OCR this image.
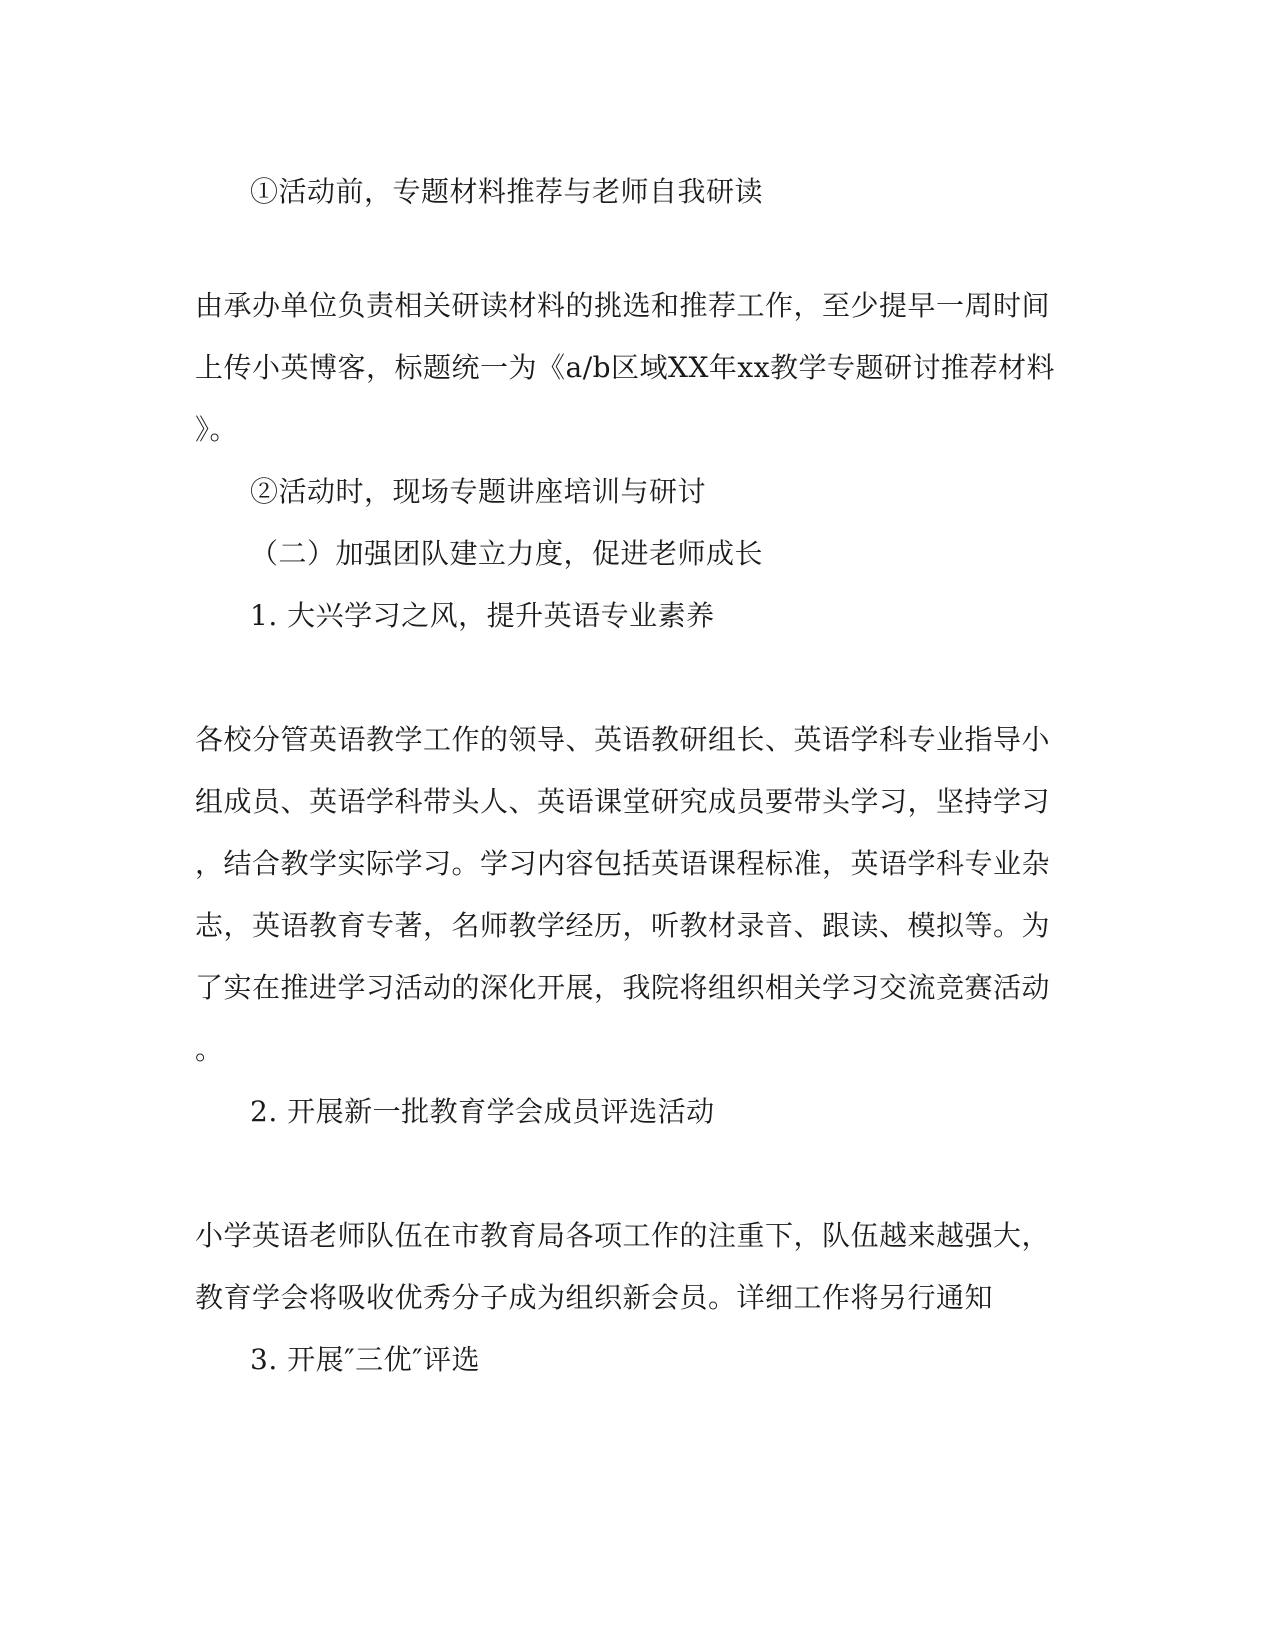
①活动前，专题材料推荐与老师自我研读
由承办单位负责相关研读材料的挑选和推荐工作，至少提早一周时间
上传小英博客，标题统一为《a/b区域XX年xx教学专题研讨推荐材料
》。
②活动时，现场专题讲座培训与研讨
（二）加强团队建立力度，促进老师成长
1. 大兴学习之风，提升英语专业素养
各校分管英语教学工作的领导、英语教研组长、英语学科专业指导小
组成员、英语学科带头人、英语课堂研究成员要带头学习，坚持学习
，结合教学实际学习。学习内容包括英语课程标准，英语学科专业杂
志，英语教育专著，名师教学经历，听教材录音、跟读、模拟等。为
了实在推进学习活动的深化开展，我院将组织相关学习交流竞赛活动
。
2. 开展新一批教育学会成员评选活动
小学英语老师队伍在市教育局各项工作的注重下，队伍越来越强大，
教育学会将吸收优秀分子成为组织新会员。详细工作将另行通知
3. 开展″三优″评选
